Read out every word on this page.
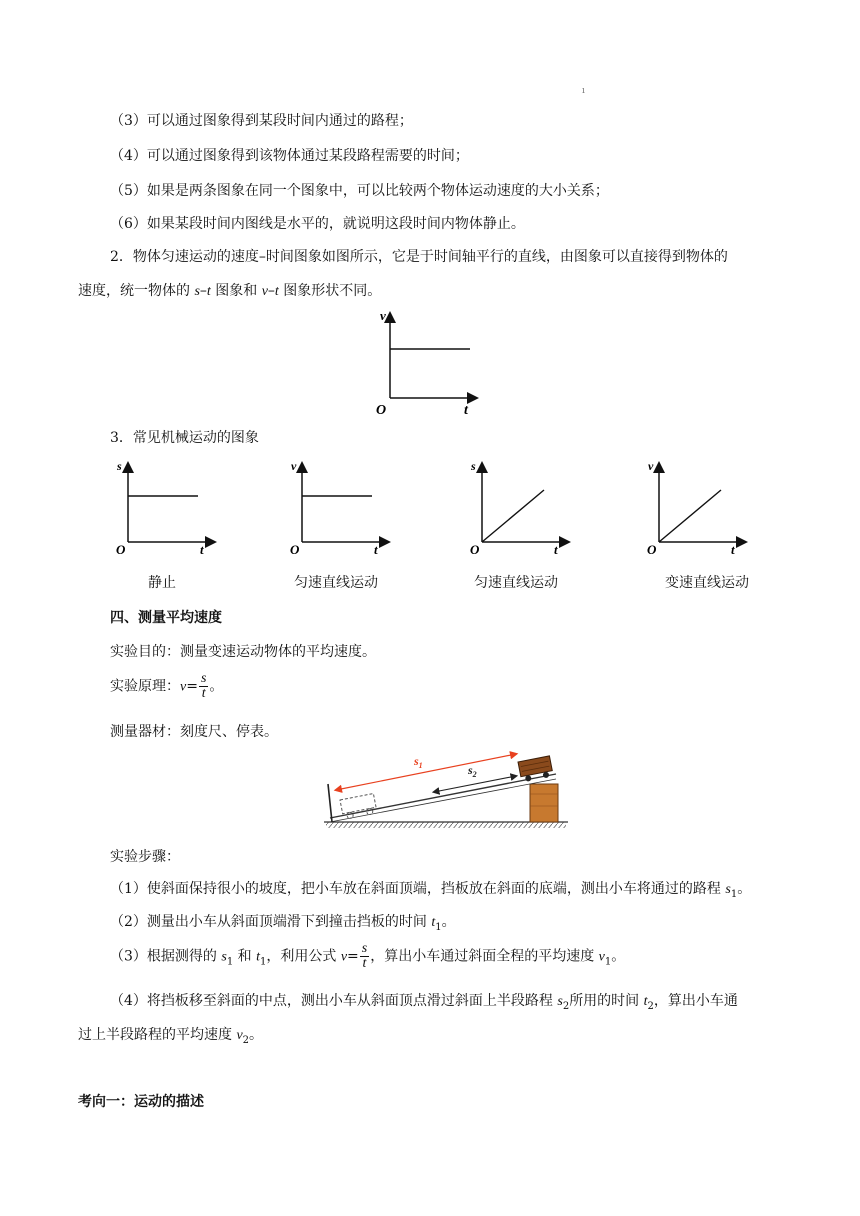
ı
（3）可以通过图象得到某段时间内通过的路程；
（4）可以通过图象得到该物体通过某段路程需要的时间；
（5）如果是两条图象在同一个图象中，可以比较两个物体运动速度的大小关系；
（6）如果某段时间内图线是水平的，就说明这段时间内物体静止。
2．物体匀速运动的速度–时间图象如图所示，它是于时间轴平行的直线，由图象可以直接得到物体的
速度，统一物体的 s–t 图象和 v–t 图象形状不同。
v
t
O
3．常见机械运动的图象
s
t
O
静止
v
t
O
匀速直线运动
s
t
O
匀速直线运动
v
t
O
变速直线运动
四、测量平均速度
实验目的：测量变速运动物体的平均速度。
实验原理：$v= \frac{s}{t}$ 。
测量器材：刻度尺、停表。
$s_1$	$s_2$
实验步骤：
（1）使斜面保持很小的坡度，把小车放在斜面顶端，挡板放在斜面的底端，测出小车将通过的路程 $s_1$。
（2）测量出小车从斜面顶端滑下到撞击挡板的时间 $t_1$。
（3）根据测得的 $s_1$ 和 $t_1$，利用公式 $v= \frac{s}{t}$ ，算出小车通过斜面全程的平均速度 $v_1$。
（4）将挡板移至斜面的中点，测出小车从斜面顶点滑过斜面上半段路程 $s_2$所用的时间 $t_2$，算出小车通
过上半段路程的平均速度 $v_2$。
考向一：运动的描述
